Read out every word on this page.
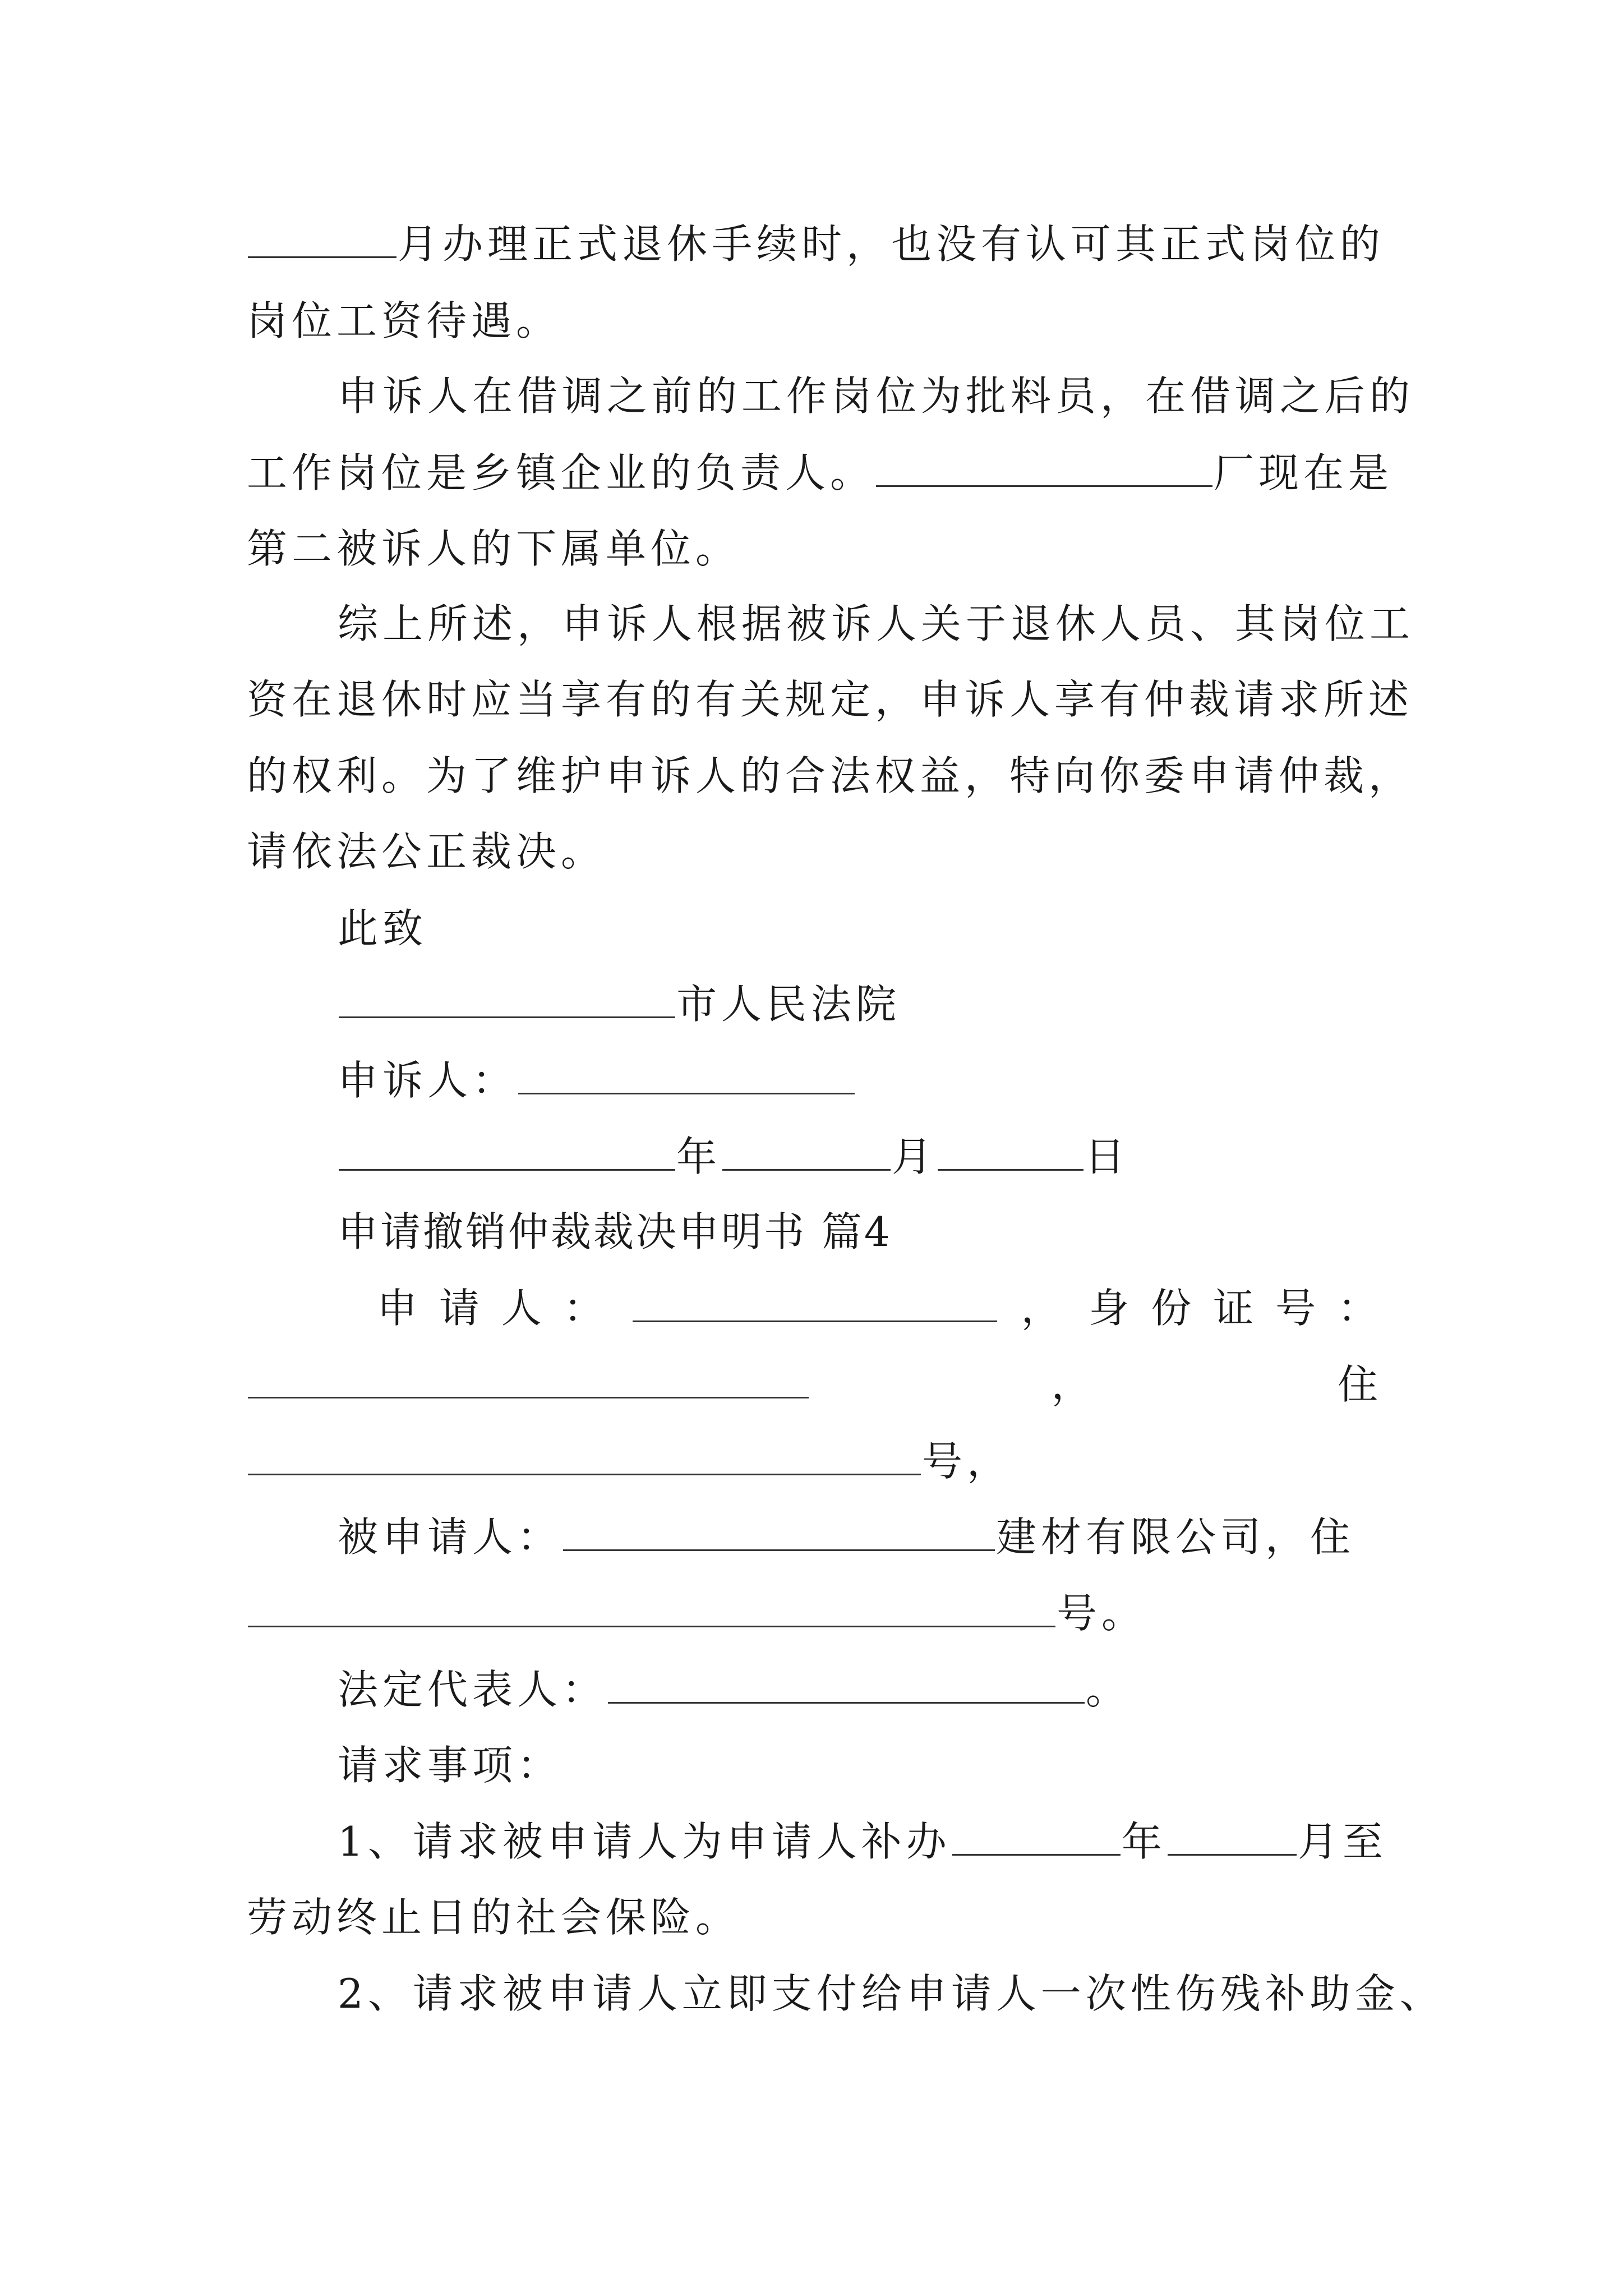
月办理正式退休手续时，也没有认可其正式岗位的
岗位工资待遇。
申诉人在借调之前的工作岗位为批料员，在借调之后的
工作岗位是乡镇企业的负责人。	厂现在是
第二被诉人的下属单位。
综上所述，申诉人根据被诉人关于退休人员、其岗位工
资在退休时应当享有的有关规定，申诉人享有仲裁请求所述
的权利。为了维护申诉人的合法权益，特向你委申请仲裁，
请依法公正裁决。
此致
市人民法院
申诉人：
年	月	日
申请撤销仲裁裁决申明书 篇4
申 请 人 ：	， 身 份 证 号 ：
，	住
号，
被申请人：	建材有限公司，住
号。
法定代表人：	。
请求事项：
1、请求被申请人为申请人补办	年	月至
劳动终止日的社会保险。
2、请求被申请人立即支付给申请人一次性伤残补助金、
